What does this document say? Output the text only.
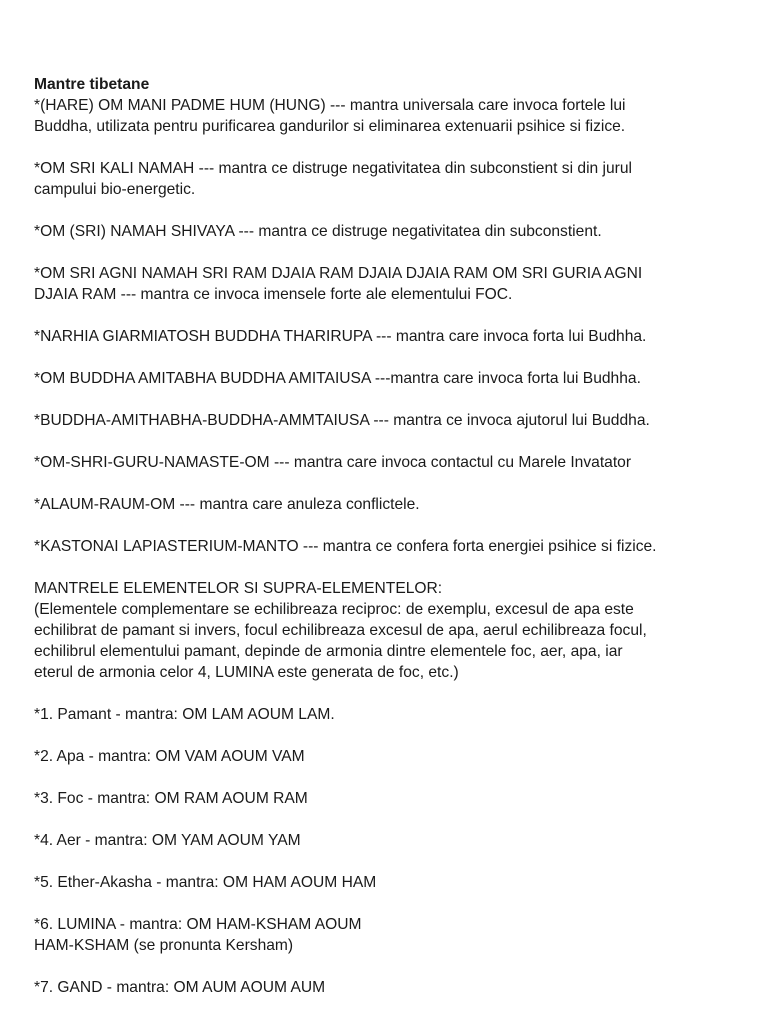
Mantre tibetane

*(HARE) OM MANI PADME HUM (HUNG) --- mantra universala care invoca fortele lui
Buddha, utilizata pentru purificarea gandurilor si eliminarea extenuarii psihice si fizice.

*OM SRI KALI NAMAH --- mantra ce distruge negativitatea din subconstient si din jurul
campului bio-energetic.

*OM (SRI) NAMAH SHIVAYA --- mantra ce distruge negativitatea din subconstient.

*OM SRI AGNI NAMAH SRI RAM DJAIA RAM DJAIA DJAIA RAM OM SRI GURIA AGNI
DJAIA RAM --- mantra ce invoca imensele forte ale elementului FOC.

*NARHIA GIARMIATOSH BUDDHA THARIRUPA --- mantra care invoca forta lui Budhha.

*OM BUDDHA AMITABHA BUDDHA AMITAIUSA ---mantra care invoca forta lui Budhha.

*BUDDHA-AMITHABHA-BUDDHA-AMMTAIUSA --- mantra ce invoca ajutorul lui Buddha.

*OM-SHRI-GURU-NAMASTE-OM --- mantra care invoca contactul cu Marele Invatator

*ALAUM-RAUM-OM --- mantra care anuleza conflictele.

*KASTONAI LAPIASTERIUM-MANTO --- mantra ce confera forta energiei psihice si fizice.

MANTRELE ELEMENTELOR SI SUPRA-ELEMENTELOR:
(Elementele complementare se echilibreaza reciproc: de exemplu, excesul de apa este
echilibrat de pamant si invers, focul echilibreaza excesul de apa, aerul echilibreaza focul,
echilibrul elementului pamant, depinde de armonia dintre elementele foc, aer, apa, iar
eterul de armonia celor 4, LUMINA este generata de foc, etc.)

*1. Pamant - mantra: OM LAM AOUM LAM.

*2. Apa - mantra: OM VAM AOUM VAM

*3. Foc - mantra: OM RAM AOUM RAM

*4. Aer - mantra: OM YAM AOUM YAM

*5. Ether-Akasha - mantra: OM HAM AOUM HAM

*6. LUMINA - mantra: OM HAM-KSHAM AOUM
HAM-KSHAM (se pronunta Kersham)

*7. GAND - mantra: OM AUM AOUM AUM
